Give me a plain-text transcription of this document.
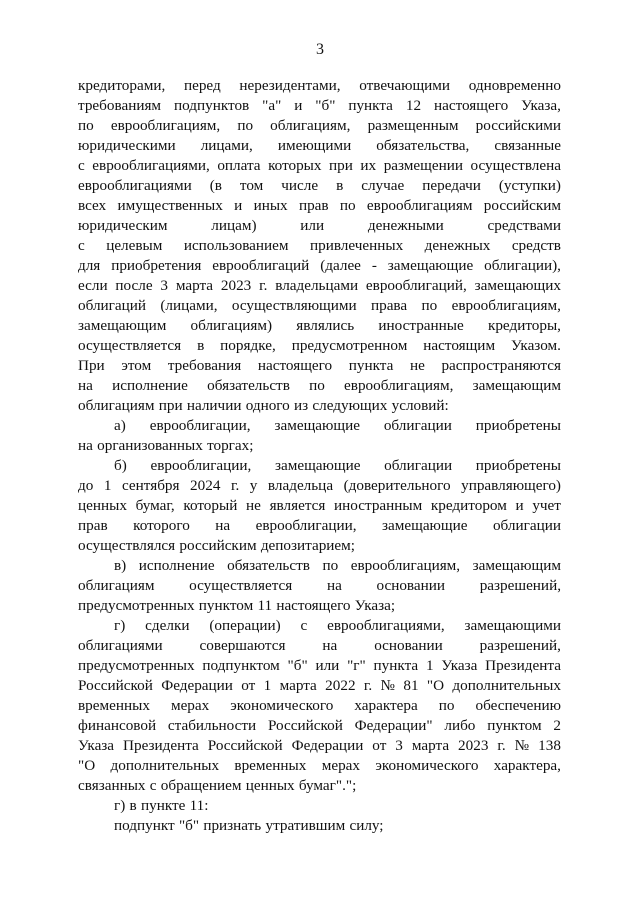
3
кредиторами, перед нерезидентами, отвечающими одновременно
требованиям подпунктов "а" и "б" пункта 12 настоящего Указа,
по еврооблигациям, по облигациям, размещенным российскими
юридическими лицами, имеющими обязательства, связанные
с еврооблигациями, оплата которых при их размещении осуществлена
еврооблигациями (в том числе в случае передачи (уступки)
всех имущественных и иных прав по еврооблигациям российским
юридическим	лицам)	или	денежными	средствами
с целевым использованием привлеченных денежных средств
для приобретения еврооблигаций (далее - замещающие облигации),
если после 3 марта 2023 г. владельцами еврооблигаций, замещающих
облигаций (лицами, осуществляющими права по еврооблигациям,
замещающим облигациям) являлись иностранные кредиторы,
осуществляется в порядке, предусмотренном настоящим Указом.
При этом требования настоящего пункта не распространяются
на исполнение обязательств по еврооблигациям, замещающим
облигациям при наличии одного из следующих условий:
а) еврооблигации, замещающие облигации приобретены
на организованных торгах;
б) еврооблигации, замещающие облигации приобретены
до 1 сентября 2024 г. у владельца (доверительного управляющего)
ценных бумаг, который не является иностранным кредитором и учет
прав которого на еврооблигации, замещающие облигации
осуществлялся российским депозитарием;
в) исполнение обязательств по еврооблигациям, замещающим
облигациям осуществляется на основании разрешений,
предусмотренных пунктом 11 настоящего Указа;
г) сделки (операции) с еврооблигациями, замещающими
облигациями совершаются на основании разрешений,
предусмотренных подпунктом "б" или "г" пункта 1 Указа Президента
Российской Федерации от 1 марта 2022 г. № 81 "О дополнительных
временных мерах экономического характера по обеспечению
финансовой стабильности Российской Федерации" либо пунктом 2
Указа Президента Российской Федерации от 3 марта 2023 г. № 138
"О дополнительных временных мерах экономического характера,
связанных с обращением ценных бумаг".";
г) в пункте 11:
подпункт "б" признать утратившим силу;
